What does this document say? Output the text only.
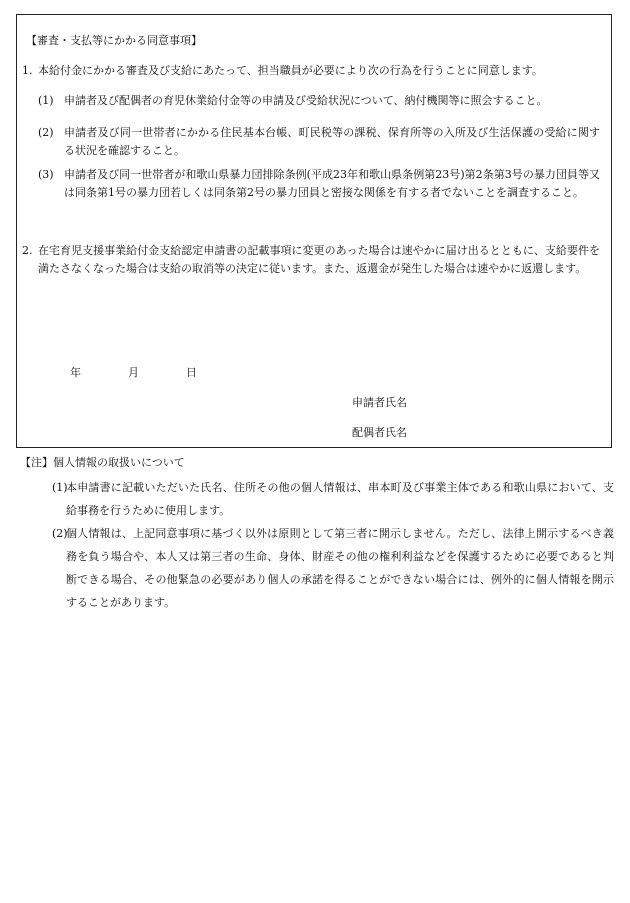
【審査・支払等にかかる同意事項】
1. 本給付金にかかる審査及び支給にあたって、担当職員が必要により次の行為を行うことに同意します。
(1) 申請者及び配偶者の育児休業給付金等の申請及び受給状況について、納付機関等に照会すること。
(2) 申請者及び同一世帯者にかかる住民基本台帳、町民税等の課税、保育所等の入所及び生活保護の受給に関する状況を確認すること。
(3) 申請者及び同一世帯者が和歌山県暴力団排除条例(平成23年和歌山県条例第23号)第2条第3号の暴力団員等又は同条第1号の暴力団若しくは同条第2号の暴力団員と密接な関係を有する者でないことを調査すること。
2. 在宅育児支援事業給付金支給認定申請書の記載事項に変更のあった場合は速やかに届け出るとともに、支給要件を満たさなくなった場合は支給の取消等の決定に従います。また、返還金が発生した場合は速やかに返還します。
年	月	日
申請者氏名
配偶者氏名
【注】個人情報の取扱いについて
(1)
本申請書に記載いただいた氏名、住所その他の個人情報は、串本町及び事業主体である和歌山県において、支給事務を行うために使用します。
(2)
個人情報は、上記同意事項に基づく以外は原則として第三者に開示しません。ただし、法律上開示するべき義務を負う場合や、本人又は第三者の生命、身体、財産その他の権利利益などを保護するために必要であると判断できる場合、その他緊急の必要があり個人の承諾を得ることができない場合には、例外的に個人情報を開示することがあります。
